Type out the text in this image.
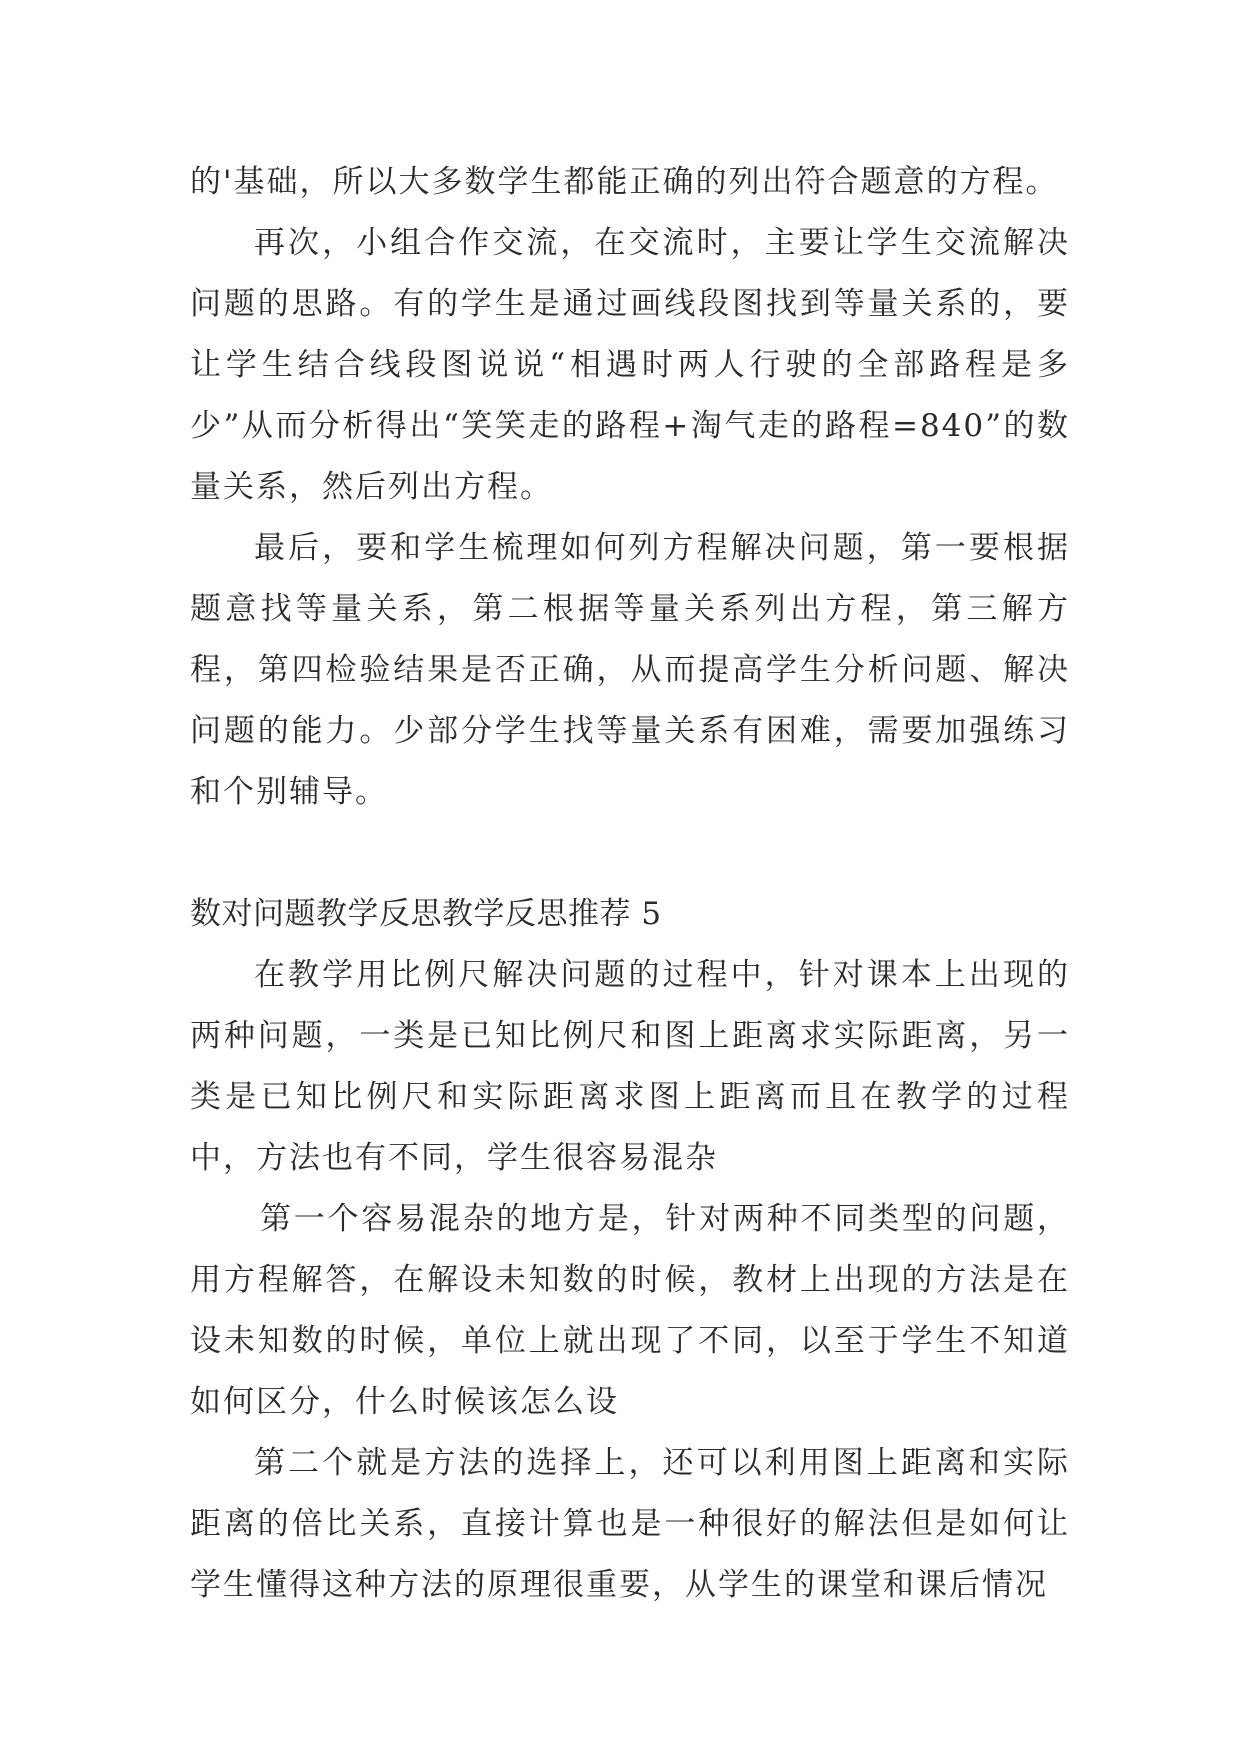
的'基础，所以大多数学生都能正确的列出符合题意的方程。

再次，小组合作交流，在交流时，主要让学生交流解决问题的思路。有的学生是通过画线段图找到等量关系的，要让学生结合线段图说说“相遇时两人行驶的全部路程是多少”从而分析得出“笑笑走的路程+淘气走的路程=840”的数量关系，然后列出方程。

最后，要和学生梳理如何列方程解决问题，第一要根据题意找等量关系，第二根据等量关系列出方程，第三解方程，第四检验结果是否正确，从而提高学生分析问题、解决问题的能力。少部分学生找等量关系有困难，需要加强练习和个别辅导。

数对问题教学反思教学反思推荐 5

在教学用比例尺解决问题的过程中，针对课本上出现的两种问题，一类是已知比例尺和图上距离求实际距离，另一类是已知比例尺和实际距离求图上距离而且在教学的过程中，方法也有不同，学生很容易混杂

第一个容易混杂的地方是，针对两种不同类型的问题，用方程解答，在解设未知数的时候，教材上出现的方法是在设未知数的时候，单位上就出现了不同，以至于学生不知道如何区分，什么时候该怎么设

第二个就是方法的选择上，还可以利用图上距离和实际距离的倍比关系，直接计算也是一种很好的解法但是如何让学生懂得这种方法的原理很重要，从学生的课堂和课后情况
